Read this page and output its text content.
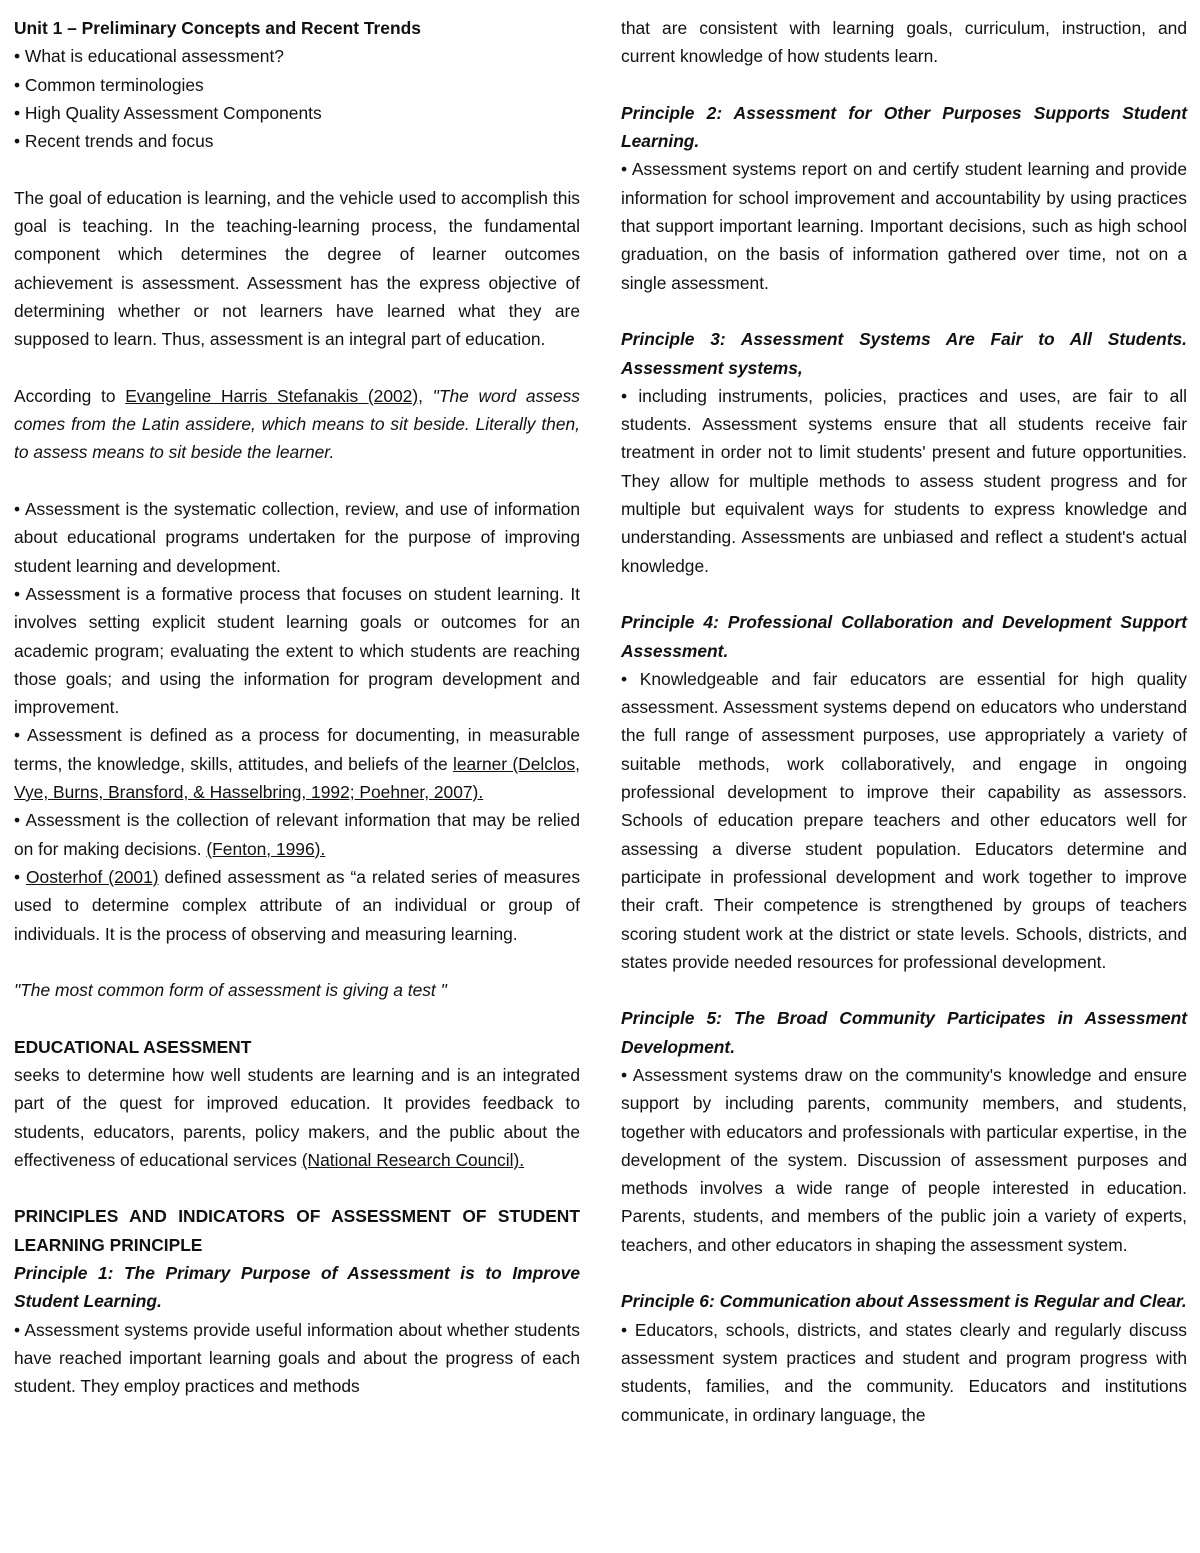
Unit 1 – Preliminary Concepts and Recent Trends

• What is educational assessment?

• Common terminologies

• High Quality Assessment Components

• Recent trends and focus

The goal of education is learning, and the vehicle used to accomplish this goal is teaching. In the teaching-learning process, the fundamental component which determines the degree of learner outcomes achievement is assessment. Assessment has the express objective of determining whether or not learners have learned what they are supposed to learn. Thus, assessment is an integral part of education.

According to Evangeline Harris Stefanakis (2002), "The word assess comes from the Latin assidere, which means to sit beside. Literally then, to assess means to sit beside the learner.

• Assessment is the systematic collection, review, and use of information about educational programs undertaken for the purpose of improving student learning and development.

• Assessment is a formative process that focuses on student learning. It involves setting explicit student learning goals or outcomes for an academic program; evaluating the extent to which students are reaching those goals; and using the information for program development and improvement.

• Assessment is defined as a process for documenting, in measurable terms, the knowledge, skills, attitudes, and beliefs of the learner (Delclos, Vye, Burns, Bransford, & Hasselbring, 1992; Poehner, 2007).

• Assessment is the collection of relevant information that may be relied on for making decisions. (Fenton, 1996).

• Oosterhof (2001) defined assessment as “a related series of measures used to determine complex attribute of an individual or group of individuals. It is the process of observing and measuring learning.

"The most common form of assessment is giving a test "

EDUCATIONAL ASESSMENT

seeks to determine how well students are learning and is an integrated part of the quest for improved education. It provides feedback to students, educators, parents, policy makers, and the public about the effectiveness of educational services (National Research Council).

PRINCIPLES AND INDICATORS OF ASSESSMENT OF STUDENT LEARNING PRINCIPLE

Principle 1: The Primary Purpose of Assessment is to Improve Student Learning.

• Assessment systems provide useful information about whether students have reached important learning goals and about the progress of each student. They employ practices and methods

that are consistent with learning goals, curriculum, instruction, and current knowledge of how students learn.

Principle 2: Assessment for Other Purposes Supports Student Learning.

• Assessment systems report on and certify student learning and provide information for school improvement and accountability by using practices that support important learning. Important decisions, such as high school graduation, on the basis of information gathered over time, not on a single assessment.

Principle 3: Assessment Systems Are Fair to All Students. Assessment systems,

• including instruments, policies, practices and uses, are fair to all students. Assessment systems ensure that all students receive fair treatment in order not to limit students' present and future opportunities. They allow for multiple methods to assess student progress and for multiple but equivalent ways for students to express knowledge and understanding. Assessments are unbiased and reflect a student's actual knowledge.

Principle 4: Professional Collaboration and Development Support Assessment.

• Knowledgeable and fair educators are essential for high quality assessment. Assessment systems depend on educators who understand the full range of assessment purposes, use appropriately a variety of suitable methods, work collaboratively, and engage in ongoing professional development to improve their capability as assessors. Schools of education prepare teachers and other educators well for assessing a diverse student population. Educators determine and participate in professional development and work together to improve their craft. Their competence is strengthened by groups of teachers scoring student work at the district or state levels. Schools, districts, and states provide needed resources for professional development.

Principle 5: The Broad Community Participates in Assessment Development.

• Assessment systems draw on the community's knowledge and ensure support by including parents, community members, and students, together with educators and professionals with particular expertise, in the development of the system. Discussion of assessment purposes and methods involves a wide range of people interested in education. Parents, students, and members of the public join a variety of experts, teachers, and other educators in shaping the assessment system.

Principle 6: Communication about Assessment is Regular and Clear.

• Educators, schools, districts, and states clearly and regularly discuss assessment system practices and student and program progress with students, families, and the community. Educators and institutions communicate, in ordinary language, the
